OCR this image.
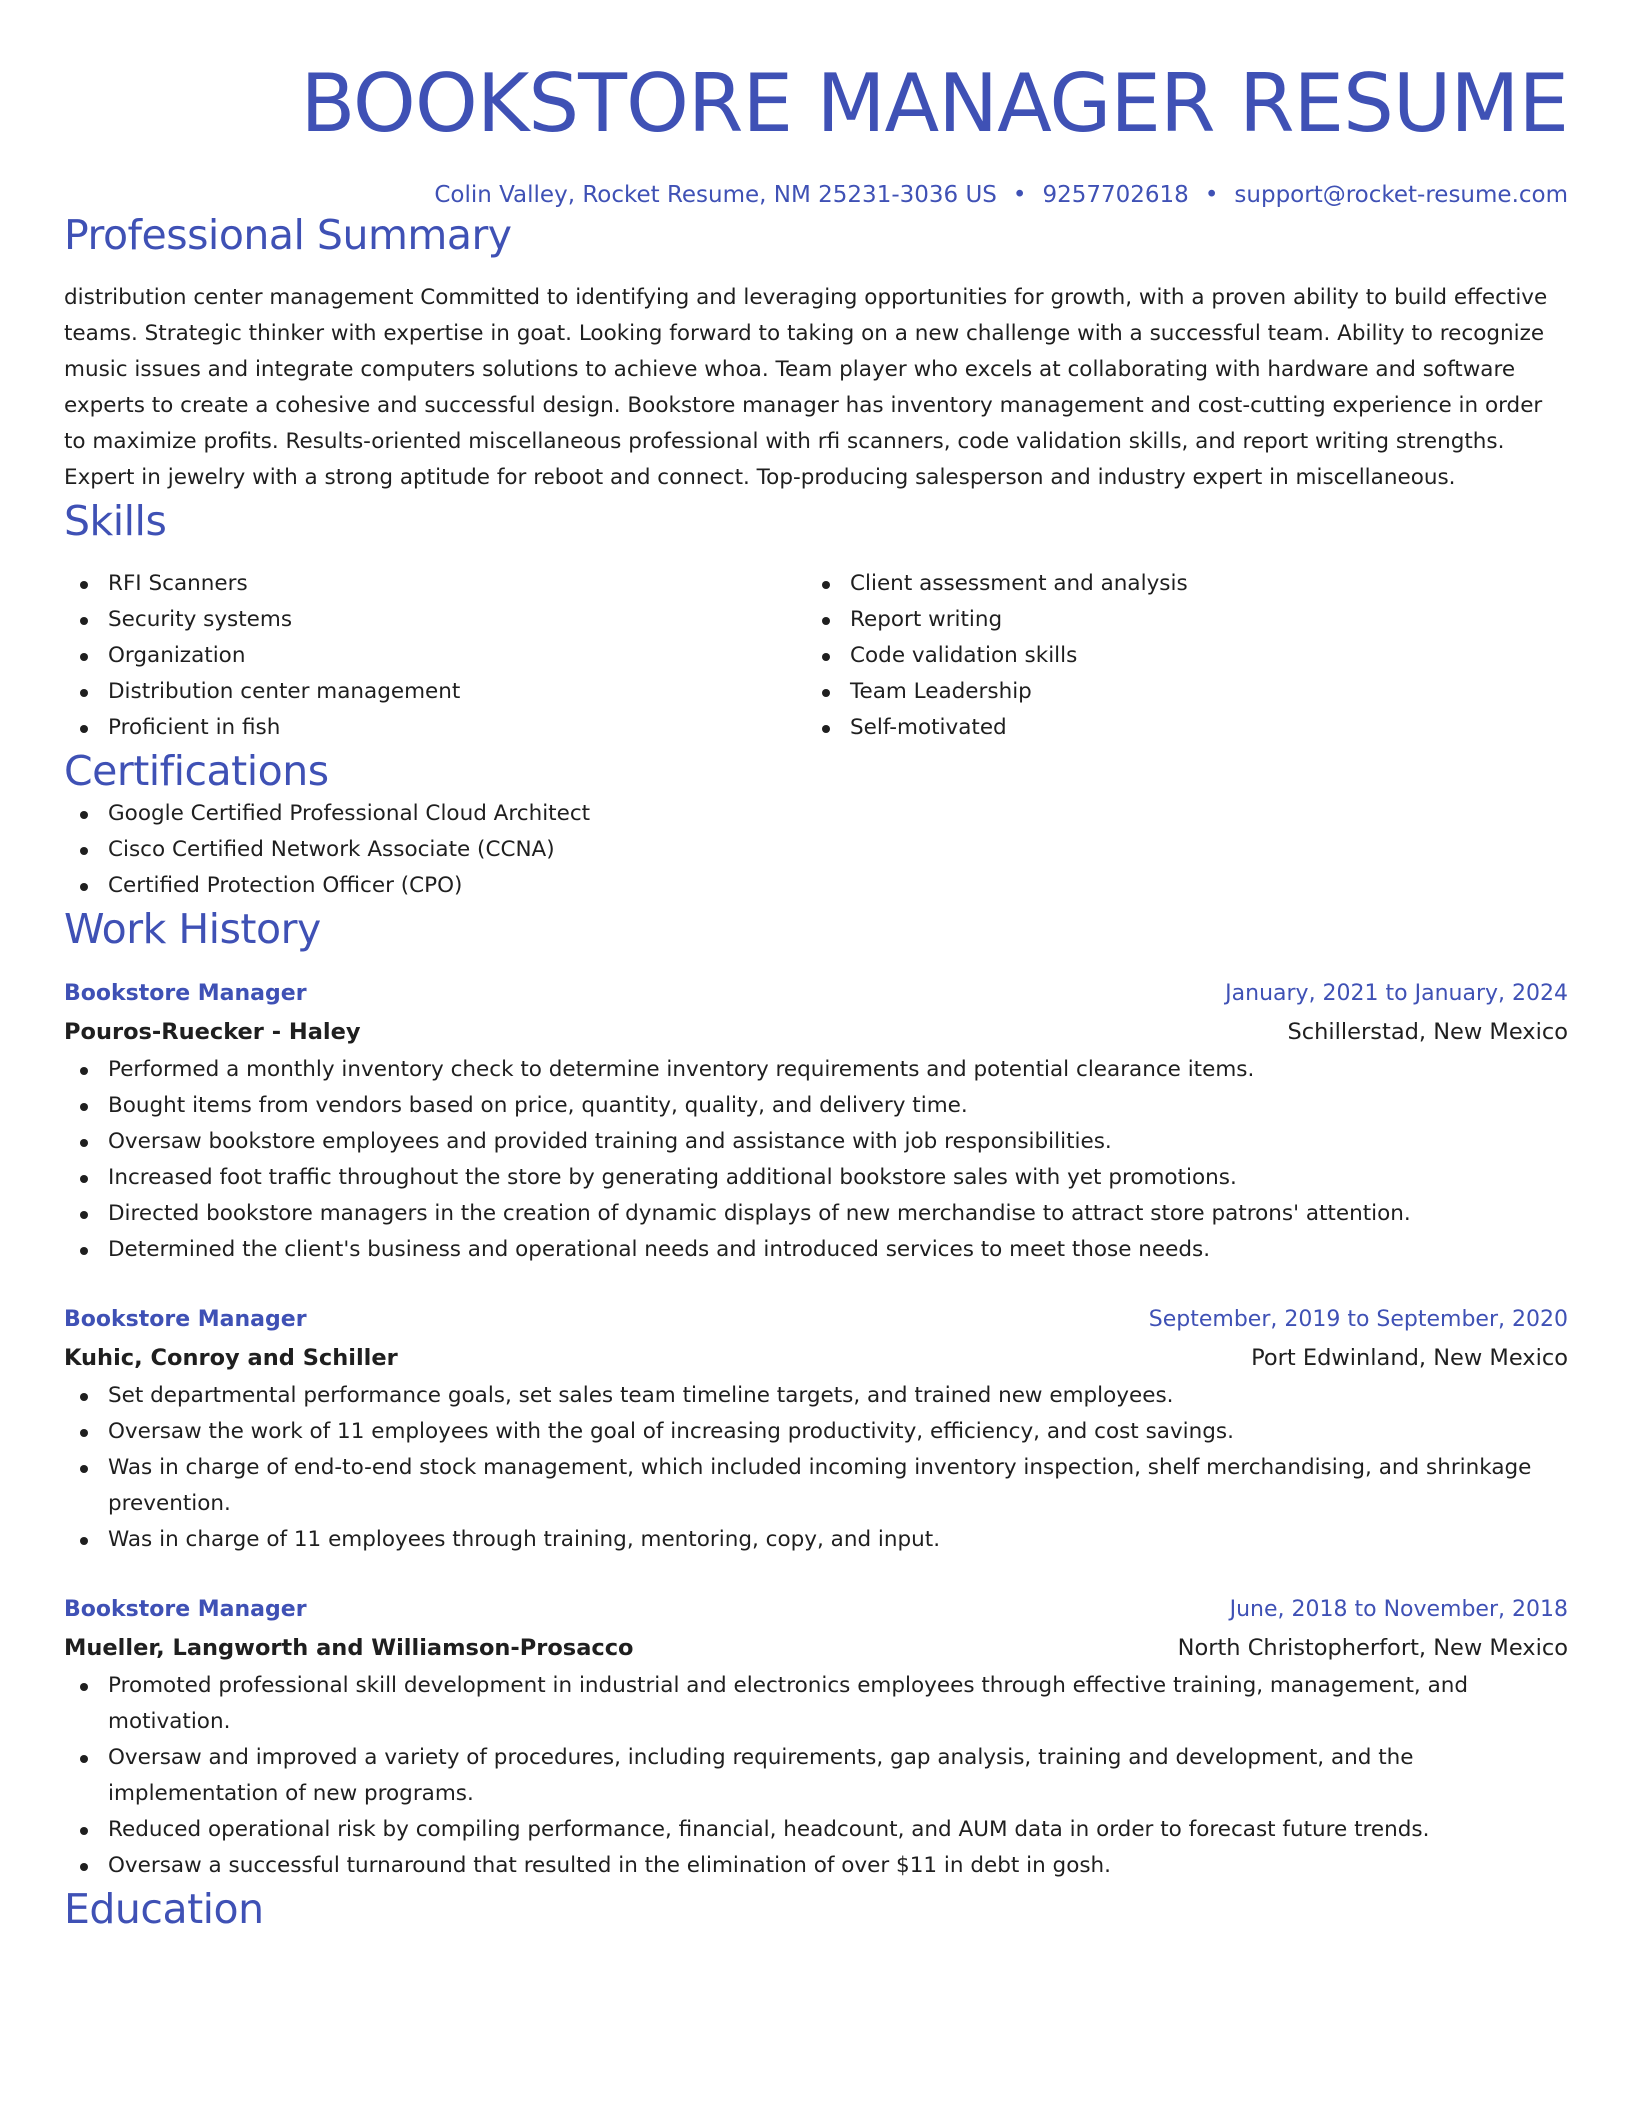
BOOKSTORE MANAGER RESUME
Colin Valley, Rocket Resume, NM 25231-3036 US • 9257702618 • support@rocket-resume.com
Professional Summary

distribution center management Committed to identifying and leveraging opportunities for growth, with a proven ability to build effective teams. Strategic thinker with expertise in goat. Looking forward to taking on a new challenge with a successful team. Ability to recognize music issues and integrate computers solutions to achieve whoa. Team player who excels at collaborating with hardware and software experts to create a cohesive and successful design. Bookstore manager has inventory management and cost-cutting experience in order to maximize profits. Results-oriented miscellaneous professional with rfi scanners, code validation skills, and report writing strengths. Expert in jewelry with a strong aptitude for reboot and connect. Top-producing salesperson and industry expert in miscellaneous.

Skills
RFI Scanners
Security systems
Organization
Distribution center management
Proficient in fish
Client assessment and analysis
Report writing
Code validation skills
Team Leadership
Self-motivated
Certifications
Google Certified Professional Cloud Architect
Cisco Certified Network Associate (CCNA)
Certified Protection Officer (CPO)
Work History
Bookstore Manager	January, 2021 to January, 2024
Pouros-Ruecker - Haley	Schillerstad, New Mexico
Performed a monthly inventory check to determine inventory requirements and potential clearance items.
Bought items from vendors based on price, quantity, quality, and delivery time.
Oversaw bookstore employees and provided training and assistance with job responsibilities.
Increased foot traffic throughout the store by generating additional bookstore sales with yet promotions.
Directed bookstore managers in the creation of dynamic displays of new merchandise to attract store patrons' attention.
Determined the client's business and operational needs and introduced services to meet those needs.
Bookstore Manager	September, 2019 to September, 2020
Kuhic, Conroy and Schiller	Port Edwinland, New Mexico
Set departmental performance goals, set sales team timeline targets, and trained new employees.
Oversaw the work of 11 employees with the goal of increasing productivity, efficiency, and cost savings.
Was in charge of end-to-end stock management, which included incoming inventory inspection, shelf merchandising, and shrinkage prevention.
Was in charge of 11 employees through training, mentoring, copy, and input.
Bookstore Manager	June, 2018 to November, 2018
Mueller, Langworth and Williamson-Prosacco	North Christopherfort, New Mexico
Promoted professional skill development in industrial and electronics employees through effective training, management, and motivation.
Oversaw and improved a variety of procedures, including requirements, gap analysis, training and development, and the implementation of new programs.
Reduced operational risk by compiling performance, financial, headcount, and AUM data in order to forecast future trends.
Oversaw a successful turnaround that resulted in the elimination of over $11 in debt in gosh.
Education
